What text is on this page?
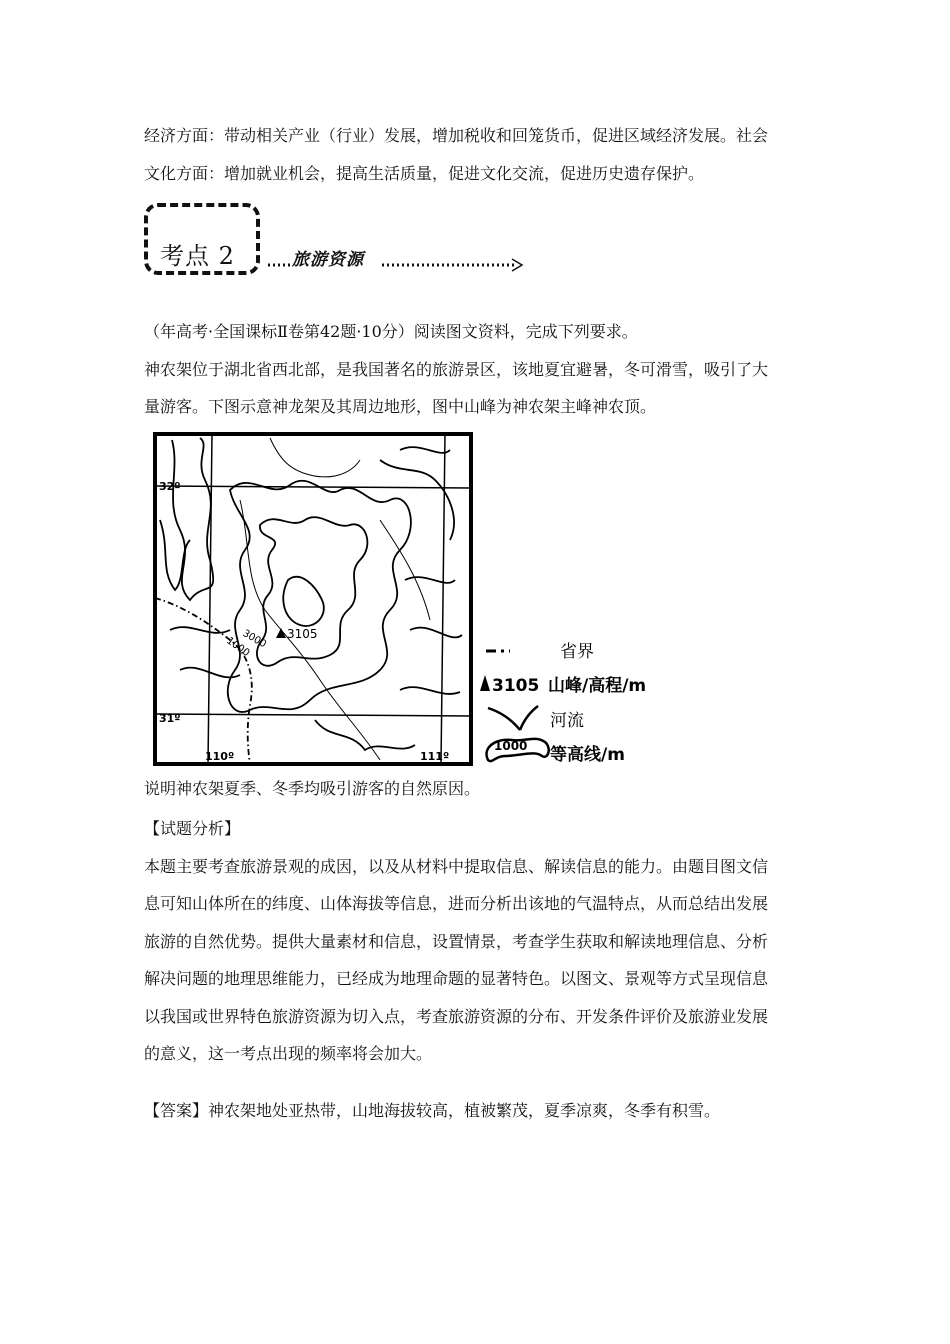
经济方面：带动相关产业（行业）发展，增加税收和回笼货币，促进区域经济发展。社会
文化方面：增加就业机会，提高生活质量，促进文化交流，促进历史遗存保护。
考点 2	旅游资源
（年高考·全国课标Ⅱ卷第42题·10分）阅读图文资料，完成下列要求。
神农架位于湖北省西北部，是我国著名的旅游景区，该地夏宜避暑，冬可滑雪，吸引了大
量游客。下图示意神龙架及其周边地形，图中山峰为神农架主峰神农顶。
32º
31º
110º	111º
3000
1000
3105
省界
3105 山峰/高程/m
河流
1000 等高线/m
说明神农架夏季、冬季均吸引游客的自然原因。
【试题分析】
本题主要考查旅游景观的成因，以及从材料中提取信息、解读信息的能力。由题目图文信
息可知山体所在的纬度、山体海拔等信息，进而分析出该地的气温特点，从而总结出发展
旅游的自然优势。提供大量素材和信息，设置情景，考查学生获取和解读地理信息、分析
解决问题的地理思维能力，已经成为地理命题的显著特色。以图文、景观等方式呈现信息
以我国或世界特色旅游资源为切入点，考查旅游资源的分布、开发条件评价及旅游业发展
的意义，这一考点出现的频率将会加大。
【答案】神农架地处亚热带，山地海拔较高，植被繁茂，夏季凉爽，冬季有积雪。
